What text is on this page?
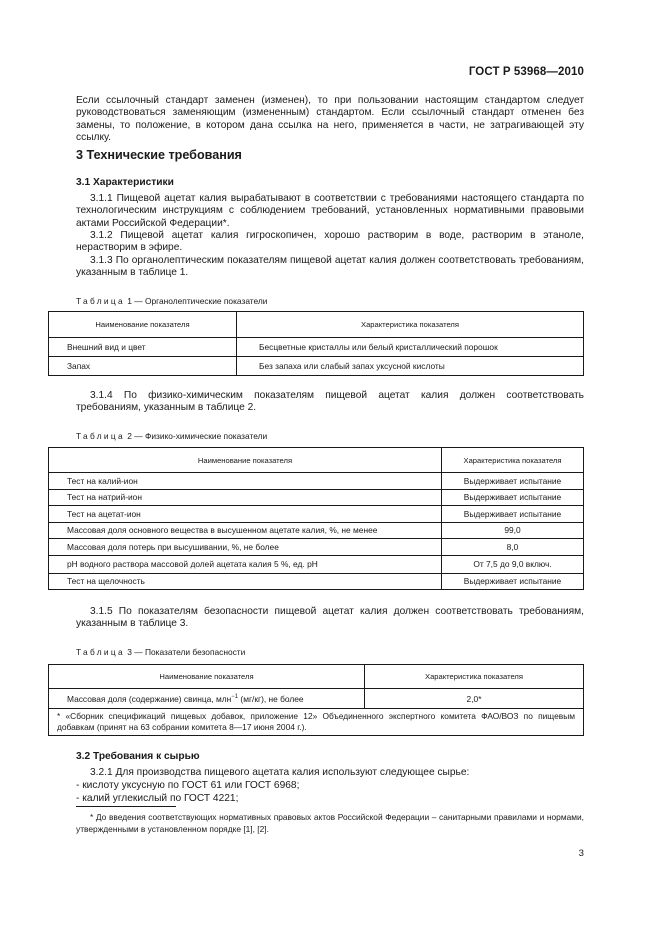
ГОСТ Р 53968—2010
Если ссылочный стандарт заменен (изменен), то при пользовании настоящим стандартом следует руководствоваться заменяющим (измененным) стандартом. Если ссылочный стандарт отменен без замены, то положение, в котором дана ссылка на него, применяется в части, не затрагивающей эту ссылку.
3 Технические требования
3.1 Характеристики
3.1.1 Пищевой ацетат калия вырабатывают в соответствии с требованиями настоящего стандарта по технологическим инструкциям с соблюдением требований, установленных нормативными правовыми актами Российской Федерации*.
3.1.2 Пищевой ацетат калия гигроскопичен, хорошо растворим в воде, растворим в этаноле, нерастворим в эфире.
3.1.3 По органолептическим показателям пищевой ацетат калия должен соответствовать требованиям, указанным в таблице 1.
Таблица 1 — Органолептические показатели
Наименование показателя	Характеристика показателя
Внешний вид и цвет	Бесцветные кристаллы или белый кристаллический порошок
Запах	Без запаха или слабый запах уксусной кислоты
3.1.4 По физико-химическим показателям пищевой ацетат калия должен соответствовать требованиям, указанным в таблице 2.
Таблица 2 — Физико-химические показатели
Наименование показателя	Характеристика показателя
Тест на калий-ион	Выдерживает испытание
Тест на натрий-ион	Выдерживает испытание
Тест на ацетат-ион	Выдерживает испытание
Массовая доля основного вещества в высушенном ацетате калия, %, не менее	99,0
Массовая доля потерь при высушивании, %, не более	8,0
рН водного раствора массовой долей ацетата калия 5 %, ед. рН	От 7,5 до 9,0 включ.
Тест на щелочность	Выдерживает испытание
3.1.5 По показателям безопасности пищевой ацетат калия должен соответствовать требованиям, указанным в таблице 3.
Таблица 3 — Показатели безопасности
Наименование показателя	Характеристика показателя
Массовая доля (содержание) свинца, млн$^{-1}$ (мг/кг), не более	2,0*
* «Сборник спецификаций пищевых добавок, приложение 12» Объединенного экспертного комитета ФАО/ВОЗ по пищевым добавкам (принят на 63 собрании комитета 8—17 июня 2004 г.).	
3.2 Требования к сырью
3.2.1 Для производства пищевого ацетата калия используют следующее сырье:
- кислоту уксусную по ГОСТ 61 или ГОСТ 6968;
- калий углекислый по ГОСТ 4221;
* До введения соответствующих нормативных правовых актов Российской Федерации – санитарными правилами и нормами, утвержденными в установленном порядке [1], [2].
3
